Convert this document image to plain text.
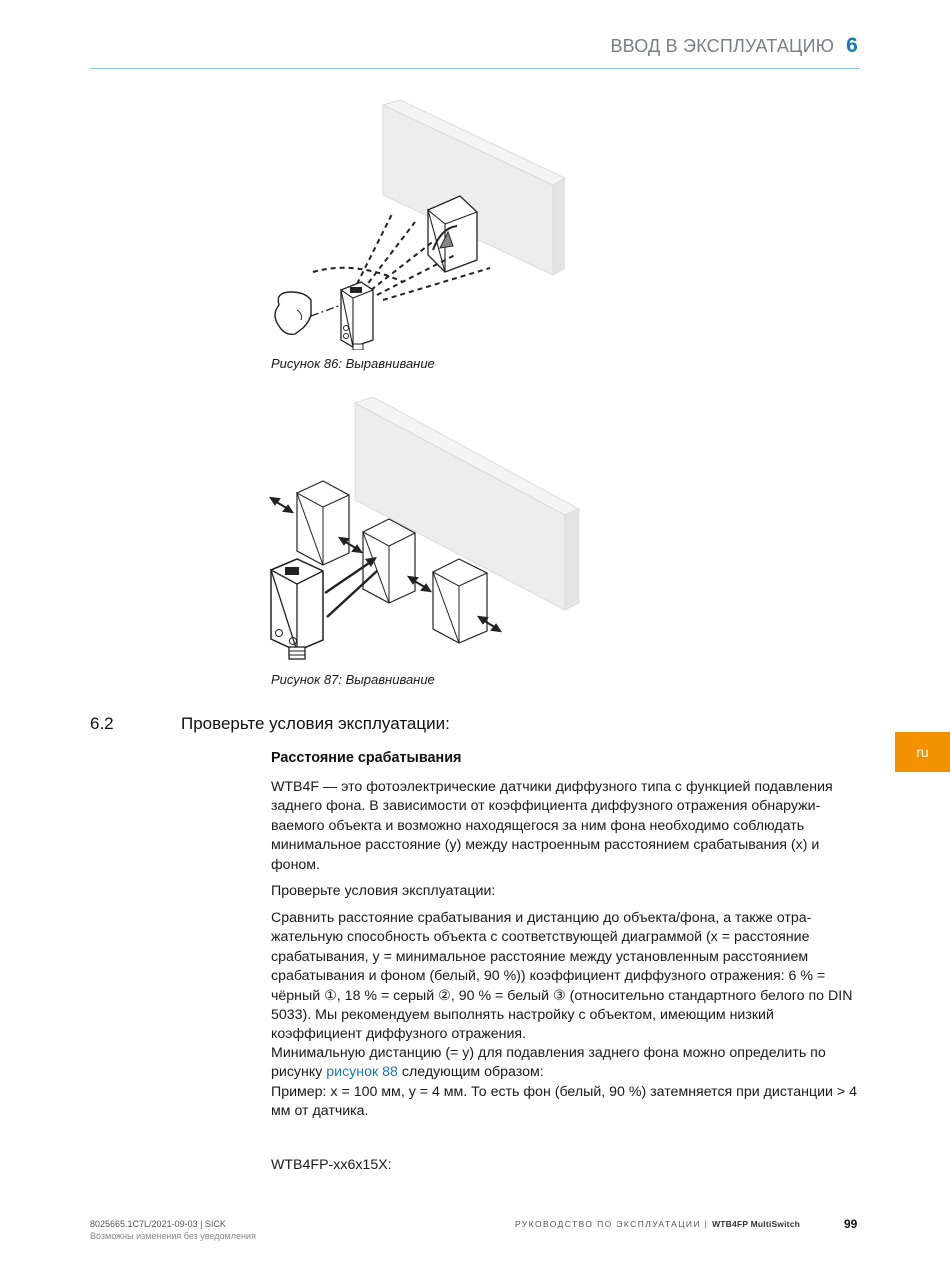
ВВОД В ЭКСПЛУАТАЦИЮ 6
Рисунок 86: Выравнивание
Рисунок 87: Выравнивание
6.2	Проверьте условия эксплуатации:
Расстояние срабатывания
WTB4F — это фотоэлектрические датчики диффузного типа с функцией подавления заднего фона. В зависимости от коэффициента диффузного отражения обнаруживаемого объекта и возможно находящегося за ним фона необходимо соблюдать минимальное расстояние (y) между настроенным расстоянием срабатывания (x) и фоном.
Проверьте условия эксплуатации:
Сравнить расстояние срабатывания и дистанцию до объекта/фона, а также отражательную способность объекта с соответствующей диаграммой (x = расстояние срабатывания, y = минимальное расстояние между установленным расстоянием срабатывания и фоном (белый, 90 %)) коэффициент диффузного отражения: 6 % = чёрный ①, 18 % = серый ②, 90 % = белый ③ (относительно стандартного белого по DIN 5033). Мы рекомендуем выполнять настройку с объектом, имеющим низкий коэффициент диффузного отражения.
Минимальную дистанцию (= y) для подавления заднего фона можно определить по рисунку рисунок 88 следующим образом:
Пример: x = 100 мм, y = 4 мм. То есть фон (белый, 90 %) затемняется при дистанции > 4 мм от датчика.
WTB4FP-xx6x15X:
ru
8025665.1C7L/2021-09-03 | SICK
Возможны изменения без уведомления
РУКОВОДСТВО ПО ЭКСПЛУАТАЦИИ | WTB4FP MultiSwitch	99
